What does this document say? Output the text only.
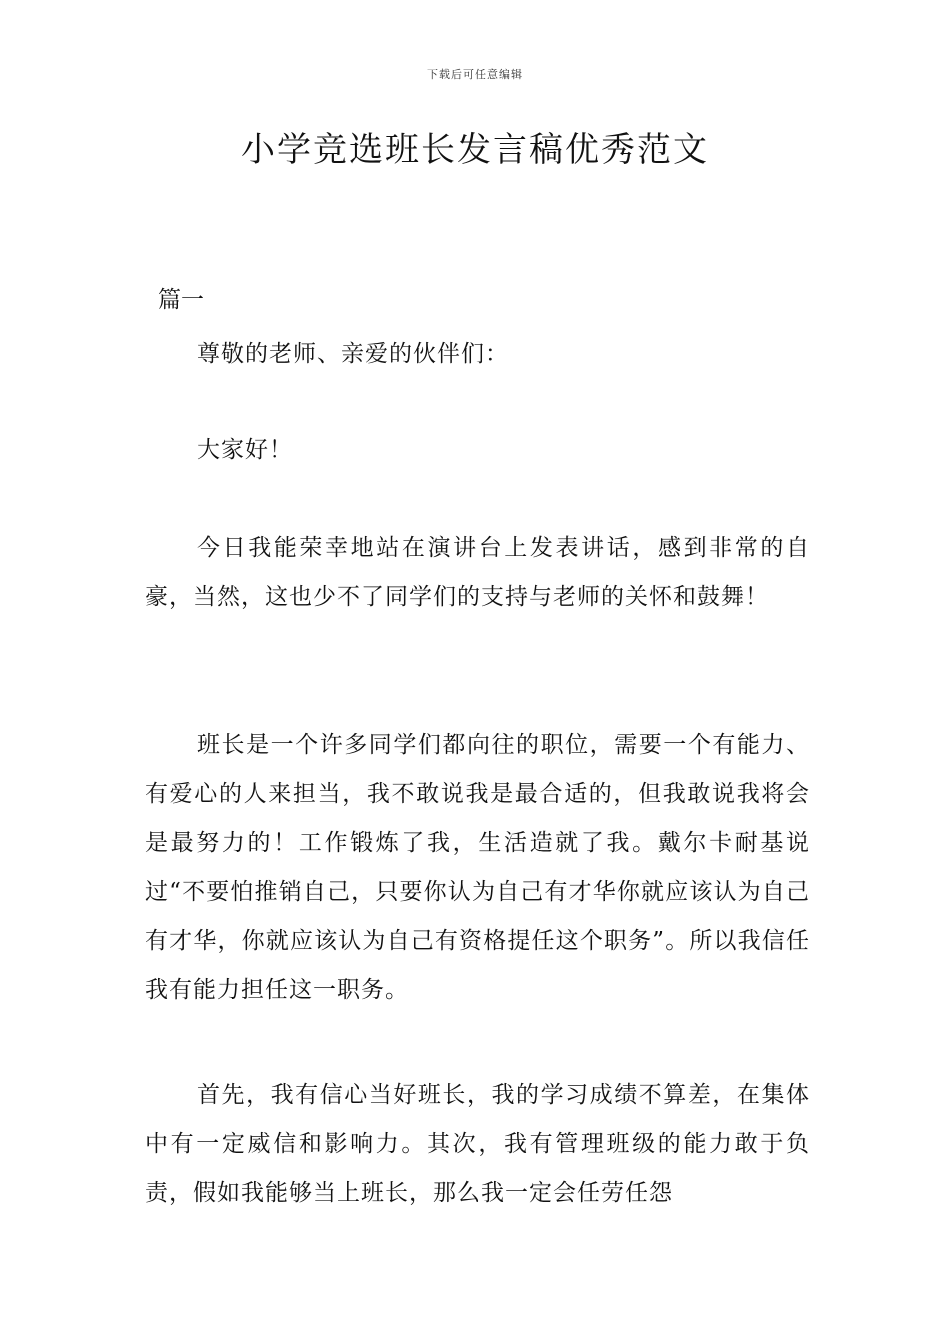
下载后可任意编辑
小学竞选班长发言稿优秀范文
篇一

尊敬的老师、亲爱的伙伴们：

大家好！

今日我能荣幸地站在演讲台上发表讲话，感到非常的自豪，当然，这也少不了同学们的支持与老师的关怀和鼓舞！

班长是一个许多同学们都向往的职位，需要一个有能力、有爱心的人来担当，我不敢说我是最合适的，但我敢说我将会是最努力的！工作锻炼了我，生活造就了我。戴尔卡耐基说过“不要怕推销自己，只要你认为自己有才华你就应该认为自己有才华，你就应该认为自己有资格提任这个职务”。所以我信任我有能力担任这一职务。

首先，我有信心当好班长，我的学习成绩不算差，在集体中有一定威信和影响力。其次，我有管理班级的能力敢于负责，假如我能够当上班长，那么我一定会任劳任怨
